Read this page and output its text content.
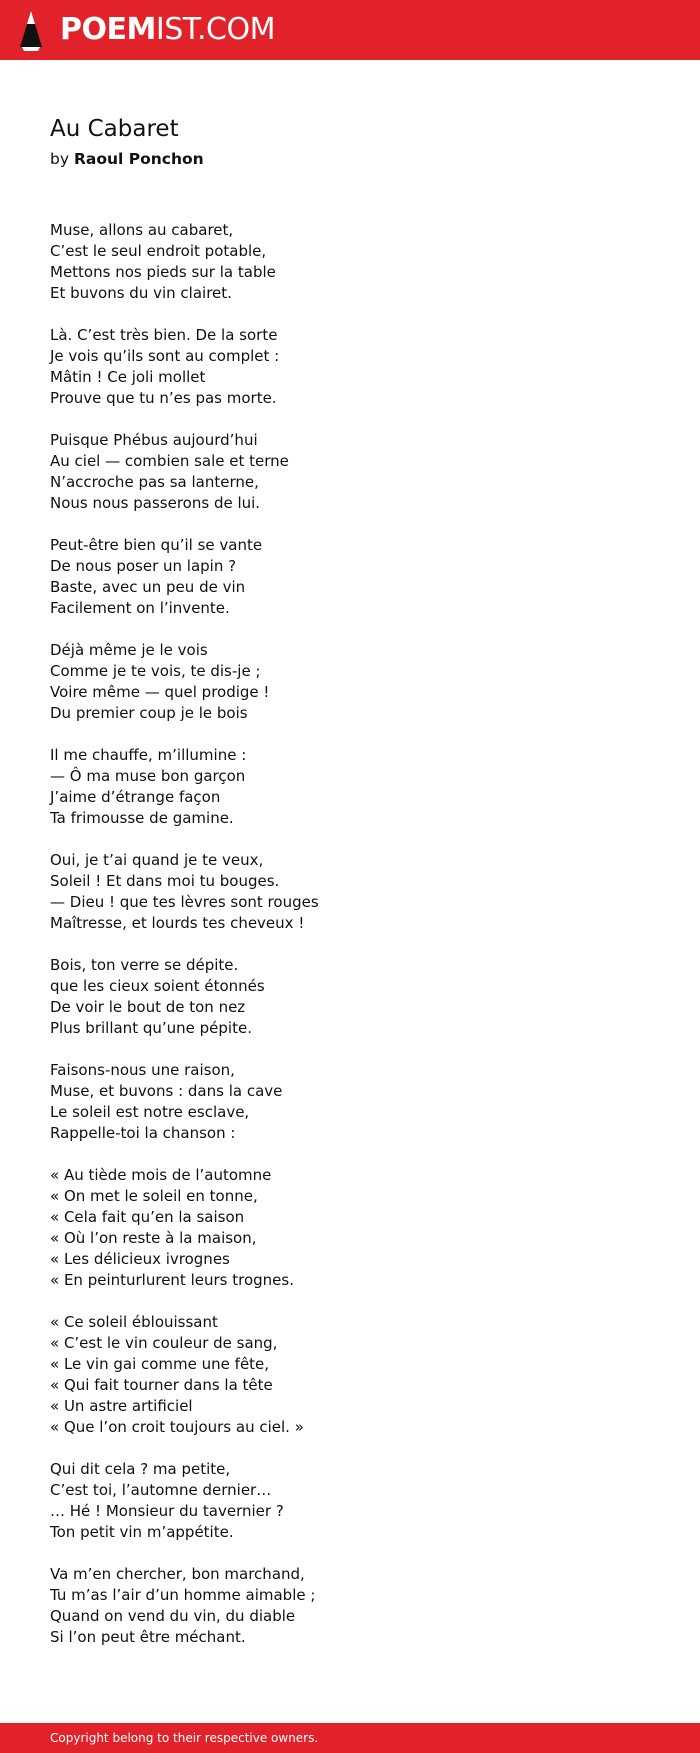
POEMIST.COM
Au Cabaret
by Raoul Ponchon
Muse, allons au cabaret,
C’est le seul endroit potable,
Mettons nos pieds sur la table
Et buvons du vin clairet.
Là. C’est très bien. De la sorte
Je vois qu’ils sont au complet :
Mâtin ! Ce joli mollet
Prouve que tu n’es pas morte.
Puisque Phébus aujourd’hui
Au ciel — combien sale et terne
N’accroche pas sa lanterne,
Nous nous passerons de lui.
Peut-être bien qu’il se vante
De nous poser un lapin ?
Baste, avec un peu de vin
Facilement on l’invente.
Déjà même je le vois
Comme je te vois, te dis-je ;
Voire même — quel prodige !
Du premier coup je le bois
Il me chauffe, m’illumine :
— Ô ma muse bon garçon
J’aime d’étrange façon
Ta frimousse de gamine.
Oui, je t’ai quand je te veux,
Soleil ! Et dans moi tu bouges.
— Dieu ! que tes lèvres sont rouges
Maîtresse, et lourds tes cheveux !
Bois, ton verre se dépite.
que les cieux soient étonnés
De voir le bout de ton nez
Plus brillant qu’une pépite.
Faisons-nous une raison,
Muse, et buvons : dans la cave
Le soleil est notre esclave,
Rappelle-toi la chanson :
« Au tiède mois de l’automne
« On met le soleil en tonne,
« Cela fait qu’en la saison
« Où l’on reste à la maison,
« Les délicieux ivrognes
« En peinturlurent leurs trognes.
« Ce soleil éblouissant
« C’est le vin couleur de sang,
« Le vin gai comme une fête,
« Qui fait tourner dans la tête
« Un astre artificiel
« Que l’on croit toujours au ciel. »
Qui dit cela ? ma petite,
C’est toi, l’automne dernier…
… Hé ! Monsieur du tavernier ?
Ton petit vin m’appétite.
Va m’en chercher, bon marchand,
Tu m’as l’air d’un homme aimable ;
Quand on vend du vin, du diable
Si l’on peut être méchant.
Copyright belong to their respective owners.
